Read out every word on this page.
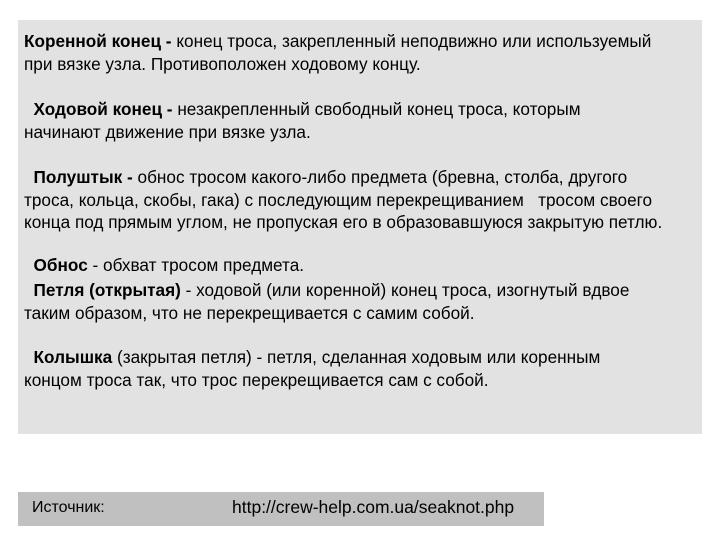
Коренной конец - конец троса, закрепленный неподвижно или используемый
при вязке узла. Противоположен ходовому концу.

Ходовой конец - незакрепленный свободный конец троса, которым
начинают движение при вязке узла.

Полуштык - обнос тросом какого-либо предмета (бревна, столба, другого
троса, кольца, скобы, гака) с последующим перекрещиванием   тросом своего
конца под прямым углом, не пропуская его в образовавшуюся закрытую петлю.

Обнос - обхват тросом предмета.

Петля (открытая) - ходовой (или коренной) конец троса, изогнутый вдвое
таким образом, что не перекрещивается с самим собой.

Колышка (закрытая петля) - петля, сделанная ходовым или коренным
концом троса так, что трос перекрещивается сам с собой.

Источник:	http://crew-help.com.ua/seaknot.php
